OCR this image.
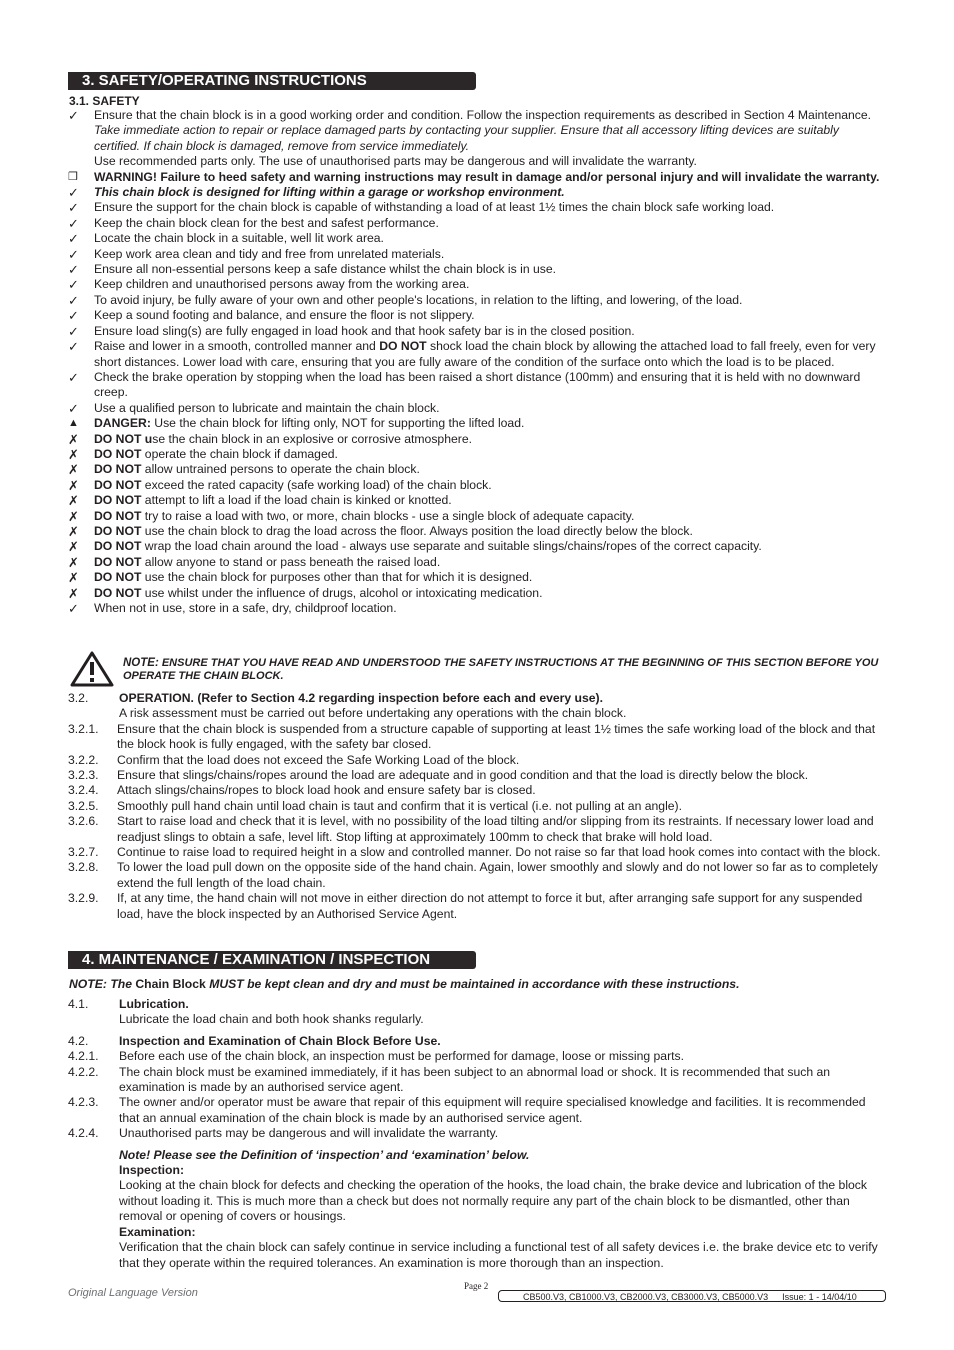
3. SAFETY/OPERATING INSTRUCTIONS
3.1. SAFETY
✓	Ensure that the chain block is in a good working order and condition. Follow the inspection requirements as described in Section 4 Maintenance. Take immediate action to repair or replace damaged parts by contacting your supplier. Ensure that all accessory lifting devices are suitably certified. If chain block is damaged, remove from service immediately.
Use recommended parts only. The use of unauthorised parts may be dangerous and will invalidate the warranty.
❒	WARNING! Failure to heed safety and warning instructions may result in damage and/or personal injury and will invalidate the warranty.
✓	This chain block is designed for lifting within a garage or workshop environment.
✓	Ensure the support for the chain block is capable of withstanding a load of at least 1½ times the chain block safe working load.
✓	Keep the chain block clean for the best and safest performance.
✓	Locate the chain block in a suitable, well lit work area.
✓	Keep work area clean and tidy and free from unrelated materials.
✓	Ensure all non-essential persons keep a safe distance whilst the chain block is in use.
✓	Keep children and unauthorised persons away from the working area.
✓	To avoid injury, be fully aware of your own and other people's locations, in relation to the lifting, and lowering, of the load.
✓	Keep a sound footing and balance, and ensure the floor is not slippery.
✓	Ensure load sling(s) are fully engaged in load hook and that hook safety bar is in the closed position.
✓	Raise and lower in a smooth, controlled manner and DO NOT shock load the chain block by allowing the attached load to fall freely, even for very short distances. Lower load with care, ensuring that you are fully aware of the condition of the surface onto which the load is to be placed.
✓	Check the brake operation by stopping when the load has been raised a short distance (100mm) and ensuring that it is held with no downward creep.
✓	Use a qualified person to lubricate and maintain the chain block.
▲	DANGER: Use the chain block for lifting only, NOT for supporting the lifted load.
✗	DO NOT use the chain block in an explosive or corrosive atmosphere.
✗	DO NOT operate the chain block if damaged.
✗	DO NOT allow untrained persons to operate the chain block.
✗	DO NOT exceed the rated capacity (safe working load) of the chain block.
✗	DO NOT attempt to lift a load if the load chain is kinked or knotted.
✗	DO NOT try to raise a load with two, or more, chain blocks - use a single block of adequate capacity.
✗	DO NOT use the chain block to drag the load across the floor. Always position the load directly below the block.
✗	DO NOT wrap the load chain around the load - always use separate and suitable slings/chains/ropes of the correct capacity.
✗	DO NOT allow anyone to stand or pass beneath the raised load.
✗	DO NOT use the chain block for purposes other than that for which it is designed.
✗	DO NOT use whilst under the influence of drugs, alcohol or intoxicating medication.
✓	When not in use, store in a safe, dry, childproof location.
NOTE: ENSURE THAT YOU HAVE READ AND UNDERSTOOD THE SAFETY INSTRUCTIONS AT THE BEGINNING OF THIS SECTION BEFORE YOU OPERATE THE CHAIN BLOCK.
3.2.	OPERATION. (Refer to Section 4.2 regarding inspection before each and every use).
A risk assessment must be carried out before undertaking any operations with the chain block.
3.2.1.	Ensure that the chain block is suspended from a structure capable of supporting at least 1½ times the safe working load of the block and that the block hook is fully engaged, with the safety bar closed.
3.2.2.	Confirm that the load does not exceed the Safe Working Load of the block.
3.2.3.	Ensure that slings/chains/ropes around the load are adequate and in good condition and that the load is directly below the block.
3.2.4.	Attach slings/chains/ropes to block load hook and ensure safety bar is closed.
3.2.5.	Smoothly pull hand chain until load chain is taut and confirm that it is vertical (i.e. not pulling at an angle).
3.2.6.	Start to raise load and check that it is level, with no possibility of the load tilting and/or slipping from its restraints. If necessary lower load and readjust slings to obtain a safe, level lift. Stop lifting at approximately 100mm to check that brake will hold load.
3.2.7.	Continue to raise load to required height in a slow and controlled manner. Do not raise so far that load hook comes into contact with the block.
3.2.8.	To lower the load pull down on the opposite side of the hand chain. Again, lower smoothly and slowly and do not lower so far as to completely extend the full length of the load chain.
3.2.9.	If, at any time, the hand chain will not move in either direction do not attempt to force it but, after arranging safe support for any suspended load, have the block inspected by an Authorised Service Agent.
4. MAINTENANCE / EXAMINATION / INSPECTION
NOTE: The Chain Block MUST be kept clean and dry and must be maintained in accordance with these instructions.
4.1.	Lubrication.
Lubricate the load chain and both hook shanks regularly.
4.2.	Inspection and Examination of Chain Block Before Use.
4.2.1.	Before each use of the chain block, an inspection must be performed for damage, loose or missing parts.
4.2.2.	The chain block must be examined immediately, if it has been subject to an abnormal load or shock. It is recommended that such an examination is made by an authorised service agent.
4.2.3.	The owner and/or operator must be aware that repair of this equipment will require specialised knowledge and facilities. It is recommended that an annual examination of the chain block is made by an authorised service agent.
4.2.4.	Unauthorised parts may be dangerous and will invalidate the warranty.
Note! Please see the Definition of ‘inspection’ and ‘examination’ below.
Inspection:
Looking at the chain block for defects and checking the operation of the hooks, the load chain, the brake device and lubrication of the block without loading it. This is much more than a check but does not normally require any part of the chain block to be dismantled, other than removal or opening of covers or housings.
Examination:
Verification that the chain block can safely continue in service including a functional test of all safety devices i.e. the brake device etc to verify that they operate within the required tolerances. An examination is more thorough than an inspection.
Original Language Version
Page 2
CB500.V3, CB1000.V3, CB2000.V3, CB3000.V3, CB5000.V3 Issue: 1 - 14/04/10
